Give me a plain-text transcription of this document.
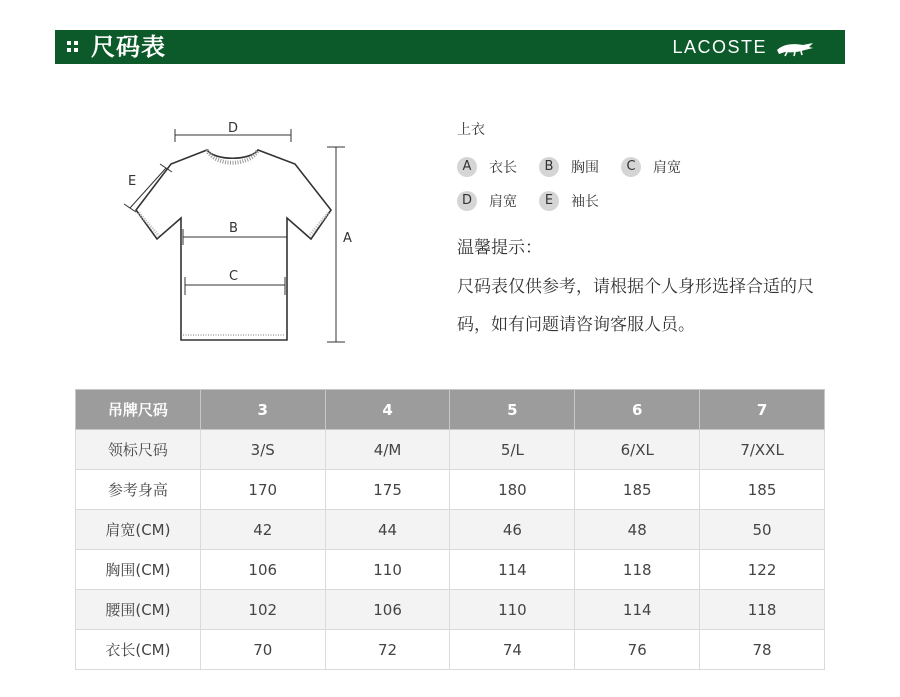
尺码表	LACOSTE
D
E
B
C
A
上衣
A	衣长	B	胸围	C	肩宽
D	肩宽	E	袖长
温馨提示：
尺码表仅供参考，请根据个人身形选择合适的尺码，如有问题请咨询客服人员。
吊牌尺码	3	4	5	6	7
领标尺码	3/S	4/M	5/L	6/XL	7/XXL
参考身高	170	175	180	185	185
肩宽(CM)	42	44	46	48	50
胸围(CM)	106	110	114	118	122
腰围(CM)	102	106	110	114	118
衣长(CM)	70	72	74	76	78
